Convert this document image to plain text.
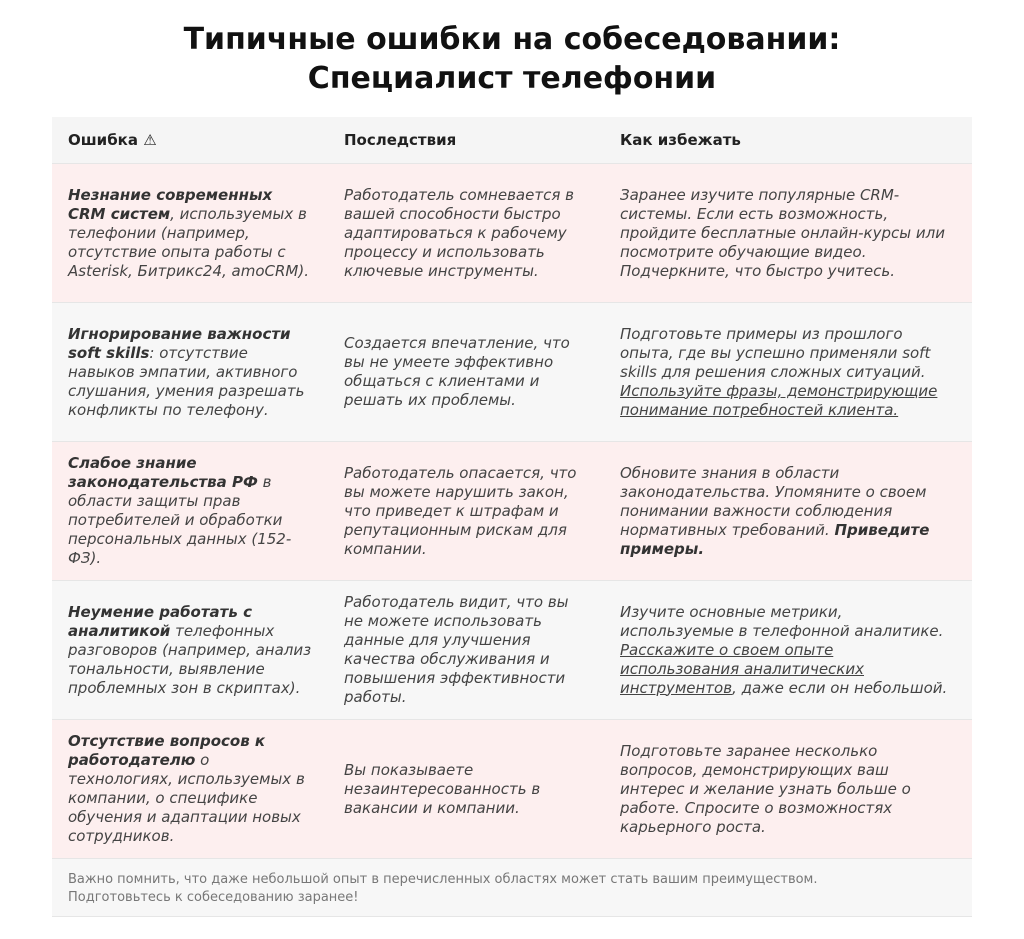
Типичные ошибки на собеседовании:
Специалист телефонии
Ошибка ⚠	Последствия	Как избежать
Незнание современных CRM систем, используемых в телефонии (например, отсутствие опыта работы с Asterisk, Битрикс24, amoCRM).
Работодатель сомневается в вашей способности быстро адаптироваться к рабочему процессу и использовать ключевые инструменты.
Заранее изучите популярные CRM-системы. Если есть возможность, пройдите бесплатные онлайн-курсы или посмотрите обучающие видео. Подчеркните, что быстро учитесь.
Игнорирование важности soft skills: отсутствие навыков эмпатии, активного слушания, умения разрешать конфликты по телефону.
Создается впечатление, что вы не умеете эффективно общаться с клиентами и решать их проблемы.
Подготовьте примеры из прошлого опыта, где вы успешно применяли soft skills для решения сложных ситуаций. Используйте фразы, демонстрирующие понимание потребностей клиента.
Слабое знание законодательства РФ в области защиты прав потребителей и обработки персональных данных (152-ФЗ).
Работодатель опасается, что вы можете нарушить закон, что приведет к штрафам и репутационным рискам для компании.
Обновите знания в области законодательства. Упомяните о своем понимании важности соблюдения нормативных требований. Приведите примеры.
Неумение работать с аналитикой телефонных разговоров (например, анализ тональности, выявление проблемных зон в скриптах).
Работодатель видит, что вы не можете использовать данные для улучшения качества обслуживания и повышения эффективности работы.
Изучите основные метрики, используемые в телефонной аналитике. Расскажите о своем опыте использования аналитических инструментов, даже если он небольшой.
Отсутствие вопросов к работодателю о технологиях, используемых в компании, о специфике обучения и адаптации новых сотрудников.
Вы показываете незаинтересованность в вакансии и компании.
Подготовьте заранее несколько вопросов, демонстрирующих ваш интерес и желание узнать больше о работе. Спросите о возможностях карьерного роста.
Важно помнить, что даже небольшой опыт в перечисленных областях может стать вашим преимуществом.
Подготовьтесь к собеседованию заранее!
